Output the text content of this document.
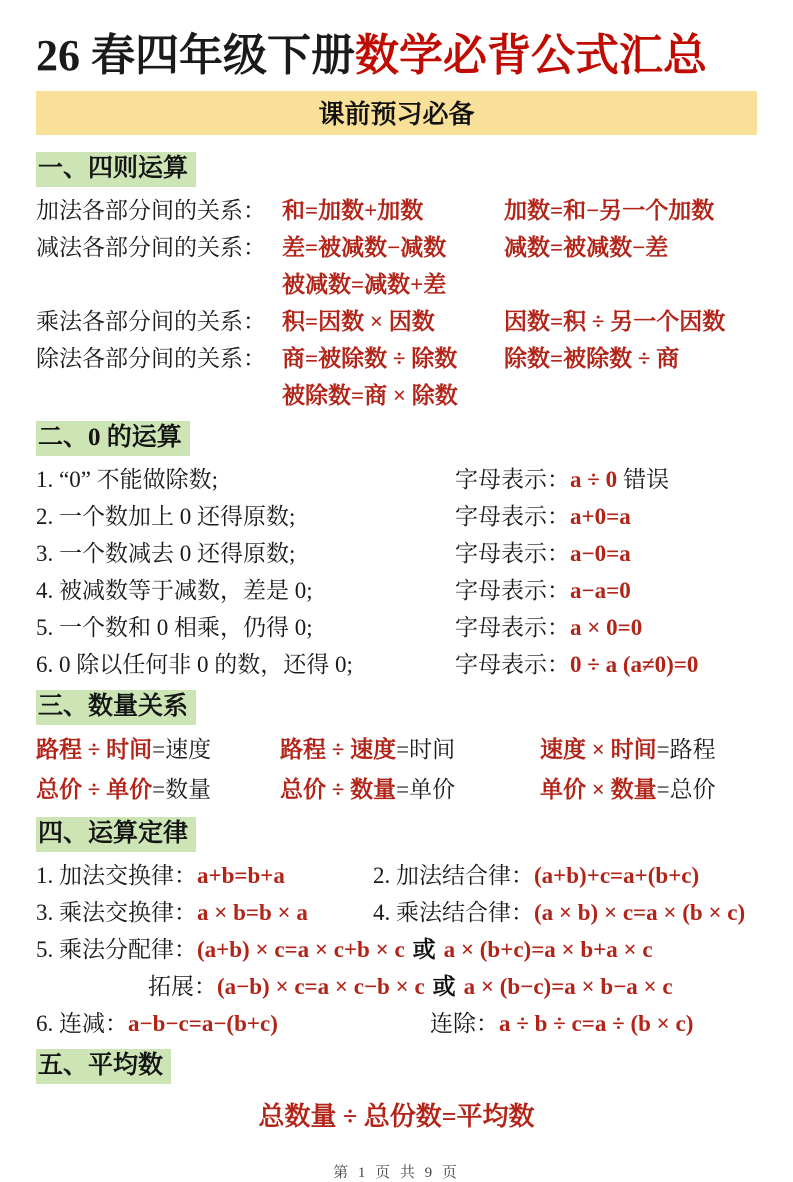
26 春四年级下册数学必背公式汇总
课前预习必备
一、四则运算
加法各部分间的关系： 和=加数+加数	加数=和−另一个加数
减法各部分间的关系： 差=被减数−减数	减数=被减数−差
被减数=减数+差
乘法各部分间的关系： 积=因数 × 因数	因数=积 ÷ 另一个因数
除法各部分间的关系： 商=被除数 ÷ 除数	除数=被除数 ÷ 商
被除数=商 × 除数
二、0 的运算
1. “0” 不能做除数;	字母表示： a ÷ 0 错误
2. 一个数加上 0 还得原数;	字母表示： a+0=a
3. 一个数减去 0 还得原数;	字母表示： a−0=a
4. 被减数等于减数，差是 0;	字母表示： a−a=0
5. 一个数和 0 相乘，仍得 0;	字母表示： a × 0=0
6. 0 除以任何非 0 的数，还得 0;	字母表示： 0 ÷ a (a≠0)=0
三、数量关系
路程 ÷ 时间=速度	路程 ÷ 速度=时间	速度 × 时间=路程
总价 ÷ 单价=数量	总价 ÷ 数量=单价	单价 × 数量=总价
四、运算定律
1. 加法交换律：a+b=b+a	2. 加法结合律：(a+b)+c=a+(b+c)
3. 乘法交换律：a × b=b × a	4. 乘法结合律：(a × b) × c=a × (b × c)
5. 乘法分配律： (a+b) × c=a × c+b × c 或 a × (b+c)=a × b+a × c
拓展： (a−b) × c=a × c−b × c 或 a × (b−c)=a × b−a × c
6. 连减：a−b−c=a−(b+c)	连除：a ÷ b ÷ c=a ÷ (b × c)
五、平均数
总数量 ÷ 总份数=平均数
第 1 页 共 9 页
